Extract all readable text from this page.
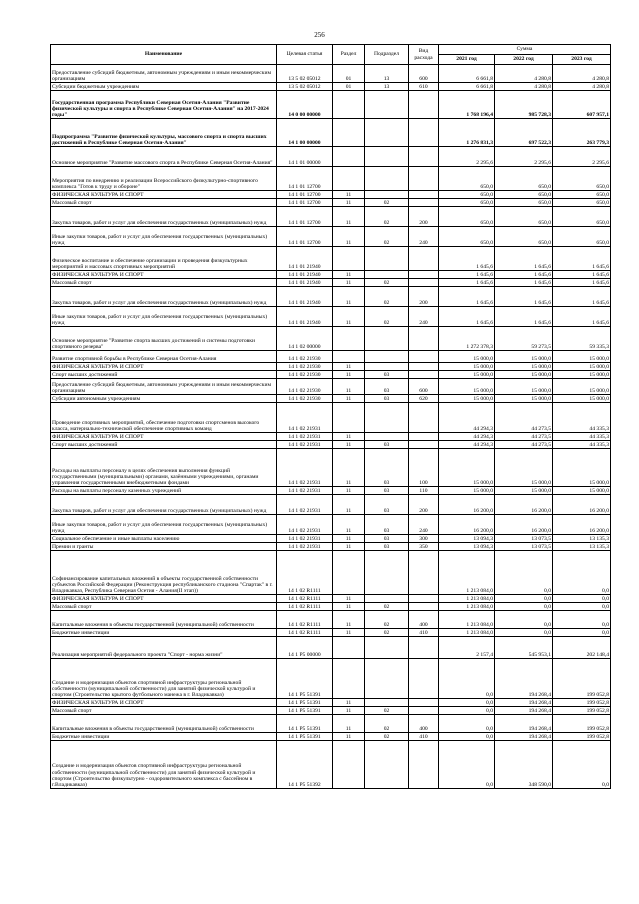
256
Наименование	Целевая статья	Раздел	Подраздел	Вид расхода	Сумма		
					2021 год	2022 год	2023 год
Предоставление субсидий бюджетным, автономным учреждениям и иным некоммерческим организациям	13 5 02 05012	01	13	600	6 661,8	4 280,8	4 280,8
Субсидии бюджетным учреждениям	13 5 02 05012	01	13	610	6 661,8	4 280,8	4 280,8
Государственная программа Республики Северная Осетия-Алания "Развитие физической культуры и спорта в Республике Северная Осетия-Алания" на 2017-2024 годы"	14 0 00 00000				1 768 196,4	985 728,3	607 957,1
Подпрограмма "Развитие физической культуры, массового спорта и спорта высших достижений в Республике Северная Осетия-Алания"	14 1 00 00000				1 276 831,3	697 522,3	263 779,3
Основное мероприятие "Развитие массового спорта в Республике Северная Осетия-Алания"	14 1 01 00000				2 295,6	2 295,6	2 295,6
Мероприятия по внедрению и реализации Всероссийского физкультурно-спортивного комплекса "Готов к труду и обороне"	14 1 01 12700				650,0	650,0	650,0
ФИЗИЧЕСКАЯ КУЛЬТУРА И СПОРТ	14 1 01 12700	11			650,0	650,0	650,0
Массовый спорт	14 1 01 12700	11	02		650,0	650,0	650,0
Закупка товаров, работ и услуг для обеспечения государственных (муниципальных) нужд	14 1 01 12700	11	02	200	650,0	650,0	650,0
Иные закупки товаров, работ и услуг для обеспечения государственных (муниципальных) нужд	14 1 01 12700	11	02	240	650,0	650,0	650,0
Физическое воспитание и обеспечение организации и проведения физкультурных мероприятий и массовых спортивных мероприятий	14 1 01 21940				1 645,6	1 645,6	1 645,6
ФИЗИЧЕСКАЯ КУЛЬТУРА И СПОРТ	14 1 01 21940	11			1 645,6	1 645,6	1 645,6
Массовый спорт	14 1 01 21940	11	02		1 645,6	1 645,6	1 645,6
Закупка товаров, работ и услуг для обеспечения государственных (муниципальных) нужд	14 1 01 21940	11	02	200	1 645,6	1 645,6	1 645,6
Иные закупки товаров, работ и услуг для обеспечения государственных (муниципальных) нужд	14 1 01 21940	11	02	240	1 645,6	1 645,6	1 645,6
Основное мероприятие "Развитие спорта высших достижений и системы подготовки спортивного резерва"	14 1 02 00000				1 272 378,3	59 273,5	59 335,3
Развитие спортивной борьбы в Республике Северная Осетия-Алания	14 1 02 21930				15 000,0	15 000,0	15 000,0
ФИЗИЧЕСКАЯ КУЛЬТУРА И СПОРТ	14 1 02 21930	11			15 000,0	15 000,0	15 000,0
Спорт высших достижений	14 1 02 21930	11	03		15 000,0	15 000,0	15 000,0
Предоставление субсидий бюджетным, автономным учреждениям и иным некоммерческим организациям	14 1 02 21930	11	03	600	15 000,0	15 000,0	15 000,0
Субсидии автономным учреждениям	14 1 02 21930	11	03	620	15 000,0	15 000,0	15 000,0
Проведение спортивных мероприятий, обеспечение подготовки спортсменов высокого класса, материально-технической обеспечение спортивных команд	14 1 02 21931				44 294,3	44 273,5	44 335,3
ФИЗИЧЕСКАЯ КУЛЬТУРА И СПОРТ	14 1 02 21931	11			44 294,3	44 273,5	44 335,3
Спорт высших достижений	14 1 02 21931	11	03		44 294,3	44 273,5	44 335,3
Расходы на выплаты персоналу в целях обеспечения выполнения функций государственными (муниципальными) органами, казёнными учреждениями, органами управления государственными внебюджетными фондами	14 1 02 21931	11	03	100	15 000,0	15 000,0	15 000,0
Расходы на выплаты персоналу казенных учреждений	14 1 02 21931	11	03	110	15 000,0	15 000,0	15 000,0
Закупка товаров, работ и услуг для обеспечения государственных (муниципальных) нужд	14 1 02 21931	11	03	200	16 200,0	16 200,0	16 200,0
Иные закупки товаров, работ и услуг для обеспечения государственных (муниципальных) нужд	14 1 02 21931	11	03	240	16 200,0	16 200,0	16 200,0
Социальное обеспечение и иные выплаты населению	14 1 02 21931	11	03	300	13 094,3	13 073,5	13 135,3
Премии и гранты	14 1 02 21931	11	03	350	13 094,3	13 073,5	13 135,3
Софинансирование капитальных вложений в объекты государственной собственности субъектов Российской Федерации (Реконструкция республиканского стадиона "Спартак" в г. Владикавказ, Республика Северная Осетия - Алания(II этап))	14 1 02 R1111				1 213 084,0	0,0	0,0
ФИЗИЧЕСКАЯ КУЛЬТУРА И СПОРТ	14 1 02 R1111	11			1 213 084,0	0,0	0,0
Массовый спорт	14 1 02 R1111	11	02		1 213 084,0	0,0	0,0
Капитальные вложения в объекты государственной (муниципальной) собственности	14 1 02 R1111	11	02	400	1 213 084,0	0,0	0,0
Бюджетные инвестиции	14 1 02 R1111	11	02	410	1 213 084,0	0,0	0,0
Реализация мероприятий федерального проекта "Спорт - норма жизни"	14 1 P5 00000				2 157,4	545 953,1	202 148,4
Создание и модернизация объектов спортивной инфраструктуры региональной собственности (муниципальной собственности) для занятий физической культурой и спортом (Строительство крытого футбольного манежа в г. Владикавказ)	14 1 P5 51391				0,0	194 268,4	199 052,8
ФИЗИЧЕСКАЯ КУЛЬТУРА И СПОРТ	14 1 P5 51391	11			0,0	194 268,4	199 052,8
Массовый спорт	14 1 P5 51391	11	02		0,0	194 268,4	199 052,8
Капитальные вложения в объекты государственной (муниципальной) собственности	14 1 P5 51391	11	02	400	0,0	194 268,4	199 052,8
Бюджетные инвестиции	14 1 P5 51391	11	02	410	0,0	194 268,4	199 052,8
Создание и модернизация объектов спортивной инфраструктуры региональной собственности (муниципальной собственности) для занятий физической культурой и спортом (Строительство физкультурно - оздоровительного комплекса с бассейном в г.Владикавказ)	14 1 P5 51392				0,0	348 590,0	0,0
